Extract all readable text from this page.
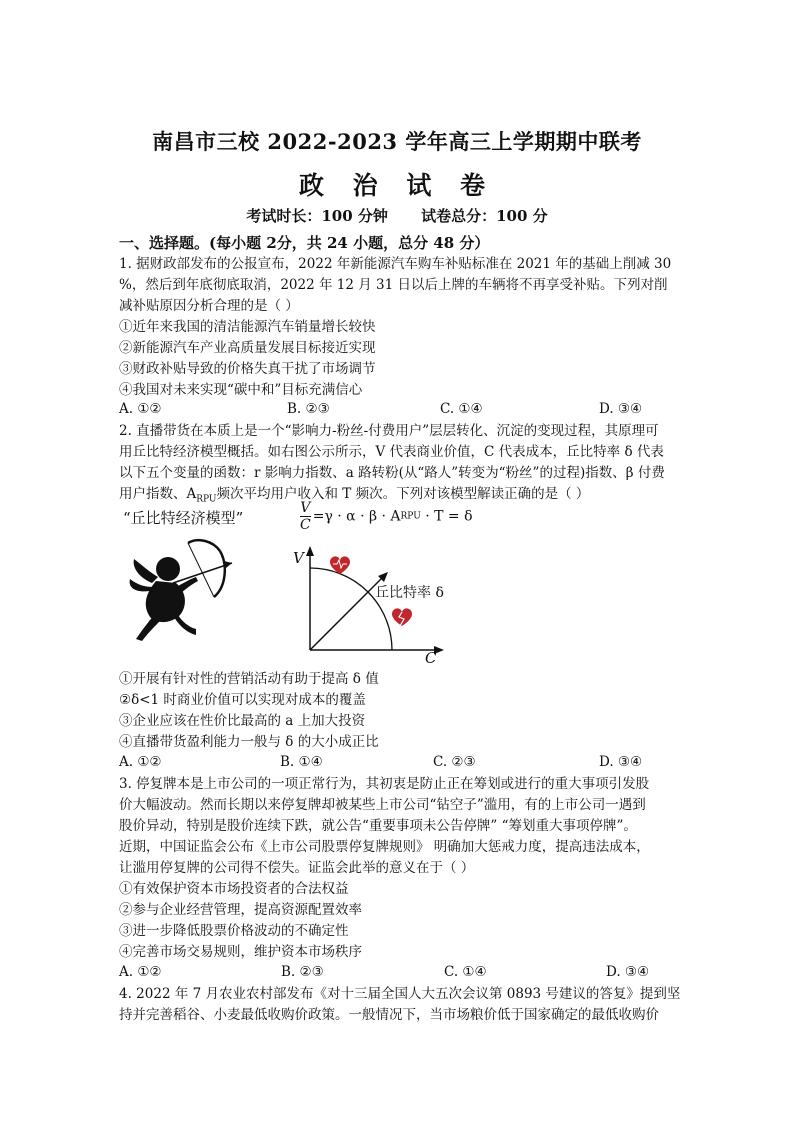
南昌市三校 2022-2023 学年高三上学期期中联考
政 治 试 卷
考试时长：100 分钟 试卷总分：100 分
一、选择题。(每小题 2分，共 24 小题，总分 48 分）
1. 据财政部发布的公报宣布，2022 年新能源汽车购车补贴标准在 2021 年的基础上削减 30
%，然后到年底彻底取消，2022 年 12 月 31 日以后上牌的车辆将不再享受补贴。下列对削
减补贴原因分析合理的是（ ）
①近年来我国的清洁能源汽车销量增长较快
②新能源汽车产业高质量发展目标接近实现
③财政补贴导致的价格失真干扰了市场调节
④我国对未来实现“碳中和”目标充满信心
A. ①②	B. ②③	C. ①④	D. ③④
2. 直播带货在本质上是一个“影响力-粉丝-付费用户”层层转化、沉淀的变现过程，其原理可
用丘比特经济模型概括。如右图公示所示，V 代表商业价值，C 代表成本，丘比特率 δ 代表
以下五个变量的函数：r 影响力指数、a 路转粉(从“路人”转变为“粉丝”的过程)指数、β 付费
用户指数、$A_{RPU}$频次平均用户收入和 T 频次。下列对该模型解读正确的是（ ）
“丘比特经济模型”	$\frac{V}{C} =\gamma \cdot \alpha \cdot \beta$ · ARPU · T = δ
V
C
丘比特率 δ
①开展有针对性的营销活动有助于提高 δ 值
②δ<1 时商业价值可以实现对成本的覆盖
③企业应该在性价比最高的 a 上加大投资
④直播带货盈利能力一般与 δ 的大小成正比
A. ①②	B. ①④	C. ②③	D. ③④
3. 停复牌本是上市公司的一项正常行为，其初衷是防止正在筹划或进行的重大事项引发股
价大幅波动。然而长期以来停复牌却被某些上市公司“钻空子”滥用，有的上市公司一遇到
股价异动，特别是股价连续下跌，就公告“重要事项未公告停牌” “筹划重大事项停牌”。
近期，中国证监会公布《上市公司股票停复牌规则》 明确加大惩戒力度，提高违法成本，
让滥用停复牌的公司得不偿失。证监会此举的意义在于（ ）
①有效保护资本市场投资者的合法权益
②参与企业经营管理，提高资源配置效率
③进一步降低股票价格波动的不确定性
④完善市场交易规则，维护资本市场秩序
A. ①②	B. ②③	C. ①④	D. ③④
4. 2022 年 7 月农业农村部发布《对十三届全国人大五次会议第 0893 号建议的答复》提到坚
持并完善稻谷、小麦最低收购价政策。一般情况下，当市场粮价低于国家确定的最低收购价
